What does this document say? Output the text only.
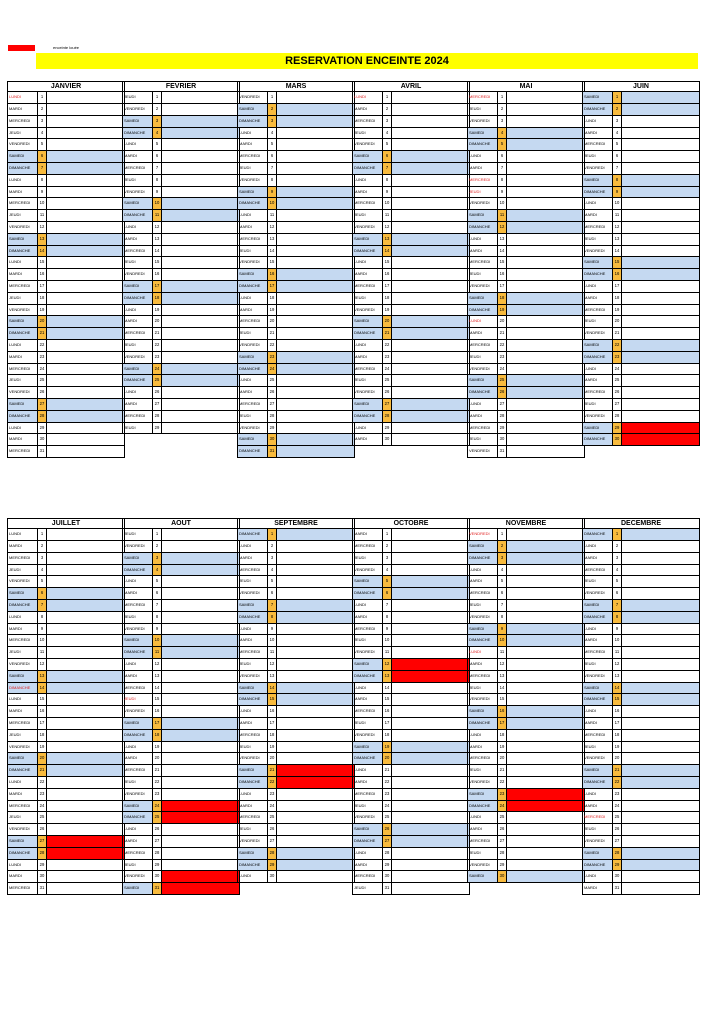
enceinte louée
RESERVATION ENCEINTE 2024
JANVIER
LUNDI	1
MARDI	2
MERCREDI	3
JEUDI	4
VENDREDI	5
SAMEDI	6
DIMANCHE	7
LUNDI	8
MARDI	9
MERCREDI	10
JEUDI	11
VENDREDI	12
SAMEDI	13
DIMANCHE	14
LUNDI	15
MARDI	16
MERCREDI	17
JEUDI	18
VENDREDI	19
SAMEDI	20
DIMANCHE	21
LUNDI	22
MARDI	23
MERCREDI	24
JEUDI	25
VENDREDI	26
SAMEDI	27
DIMANCHE	28
LUNDI	29
MARDI	30
MERCREDI	31
FEVRIER
JEUDI	1
VENDREDI	2
SAMEDI	3
DIMANCHE	4
LUNDI	5
MARDI	6
MERCREDI	7
JEUDI	8
VENDREDI	9
SAMEDI	10
DIMANCHE	11
LUNDI	12
MARDI	13
MERCREDI	14
JEUDI	15
VENDREDI	16
SAMEDI	17
DIMANCHE	18
LUNDI	19
MARDI	20
MERCREDI	21
JEUDI	22
VENDREDI	23
SAMEDI	24
DIMANCHE	25
LUNDI	26
MARDI	27
MERCREDI	28
JEUDI	29
MARS
VENDREDI	1
SAMEDI	2
DIMANCHE	3
LUNDI	4
MARDI	5
MERCREDI	6
JEUDI	7
VENDREDI	8
SAMEDI	9
DIMANCHE	10
LUNDI	11
MARDI	12
MERCREDI	13
JEUDI	14
VENDREDI	15
SAMEDI	16
DIMANCHE	17
LUNDI	18
MARDI	19
MERCREDI	20
JEUDI	21
VENDREDI	22
SAMEDI	23
DIMANCHE	24
LUNDI	25
MARDI	26
MERCREDI	27
JEUDI	28
VENDREDI	29
SAMEDI	30
DIMANCHE	31
AVRIL
LUNDI	1
MARDI	2
MERCREDI	3
JEUDI	4
VENDREDI	5
SAMEDI	6
DIMANCHE	7
LUNDI	8
MARDI	9
MERCREDI	10
JEUDI	11
VENDREDI	12
SAMEDI	13
DIMANCHE	14
LUNDI	15
MARDI	16
MERCREDI	17
JEUDI	18
VENDREDI	19
SAMEDI	20
DIMANCHE	21
LUNDI	22
MARDI	23
MERCREDI	24
JEUDI	25
VENDREDI	26
SAMEDI	27
DIMANCHE	28
LUNDI	29
MARDI	30
MAI
MERCREDI	1
JEUDI	2
VENDREDI	3
SAMEDI	4
DIMANCHE	5
LUNDI	6
MARDI	7
MERCREDI	8
JEUDI	9
VENDREDI	10
SAMEDI	11
DIMANCHE	12
LUNDI	13
MARDI	14
MERCREDI	15
JEUDI	16
VENDREDI	17
SAMEDI	18
DIMANCHE	19
LUNDI	20
MARDI	21
MERCREDI	22
JEUDI	23
VENDREDI	24
SAMEDI	25
DIMANCHE	26
LUNDI	27
MARDI	28
MERCREDI	29
JEUDI	30
VENDREDI	31
JUIN
SAMEDI	1
DIMANCHE	2
LUNDI	3
MARDI	4
MERCREDI	5
JEUDI	6
VENDREDI	7
SAMEDI	8
DIMANCHE	9
LUNDI	10
MARDI	11
MERCREDI	12
JEUDI	13
VENDREDI	14
SAMEDI	15
DIMANCHE	16
LUNDI	17
MARDI	18
MERCREDI	19
JEUDI	20
VENDREDI	21
SAMEDI	22
DIMANCHE	23
LUNDI	24
MARDI	25
MERCREDI	26
JEUDI	27
VENDREDI	28
SAMEDI	29
DIMANCHE	30
JUILLET
LUNDI	1
MARDI	2
MERCREDI	3
JEUDI	4
VENDREDI	5
SAMEDI	6
DIMANCHE	7
LUNDI	8
MARDI	9
MERCREDI	10
JEUDI	11
VENDREDI	12
SAMEDI	13
DIMANCHE	14
LUNDI	15
MARDI	16
MERCREDI	17
JEUDI	18
VENDREDI	19
SAMEDI	20
DIMANCHE	21
LUNDI	22
MARDI	23
MERCREDI	24
JEUDI	25
VENDREDI	26
SAMEDI	27
DIMANCHE	28
LUNDI	29
MARDI	30
MERCREDI	31
AOUT
JEUDI	1
VENDREDI	2
SAMEDI	3
DIMANCHE	4
LUNDI	5
MARDI	6
MERCREDI	7
JEUDI	8
VENDREDI	9
SAMEDI	10
DIMANCHE	11
LUNDI	12
MARDI	13
MERCREDI	14
JEUDI	15
VENDREDI	16
SAMEDI	17
DIMANCHE	18
LUNDI	19
MARDI	20
MERCREDI	21
JEUDI	22
VENDREDI	23
SAMEDI	24
DIMANCHE	25
LUNDI	26
MARDI	27
MERCREDI	28
JEUDI	29
VENDREDI	30
SAMEDI	31
SEPTEMBRE
DIMANCHE	1
LUNDI	2
MARDI	3
MERCREDI	4
JEUDI	5
VENDREDI	6
SAMEDI	7
DIMANCHE	8
LUNDI	9
MARDI	10
MERCREDI	11
JEUDI	12
VENDREDI	13
SAMEDI	14
DIMANCHE	15
LUNDI	16
MARDI	17
MERCREDI	18
JEUDI	19
VENDREDI	20
SAMEDI	21
DIMANCHE	22
LUNDI	23
MARDI	24
MERCREDI	25
JEUDI	26
VENDREDI	27
SAMEDI	28
DIMANCHE	29
LUNDI	30
OCTOBRE
MARDI	1
MERCREDI	2
JEUDI	3
VENDREDI	4
SAMEDI	5
DIMANCHE	6
LUNDI	7
MARDI	8
MERCREDI	9
JEUDI	10
VENDREDI	11
SAMEDI	12
DIMANCHE	13
LUNDI	14
MARDI	15
MERCREDI	16
JEUDI	17
VENDREDI	18
SAMEDI	19
DIMANCHE	20
LUNDI	21
MARDI	22
MERCREDI	23
JEUDI	24
VENDREDI	25
SAMEDI	26
DIMANCHE	27
LUNDI	28
MARDI	29
MERCREDI	30
JEUDI	31
NOVEMBRE
VENDREDI	1
SAMEDI	2
DIMANCHE	3
LUNDI	4
MARDI	5
MERCREDI	6
JEUDI	7
VENDREDI	8
SAMEDI	9
DIMANCHE	10
LUNDI	11
MARDI	12
MERCREDI	13
JEUDI	14
VENDREDI	15
SAMEDI	16
DIMANCHE	17
LUNDI	18
MARDI	19
MERCREDI	20
JEUDI	21
VENDREDI	22
SAMEDI	23
DIMANCHE	24
LUNDI	25
MARDI	26
MERCREDI	27
JEUDI	28
VENDREDI	29
SAMEDI	30
DECEMBRE
DIMANCHE	1
LUNDI	2
MARDI	3
MERCREDI	4
JEUDI	5
VENDREDI	6
SAMEDI	7
DIMANCHE	8
LUNDI	9
MARDI	10
MERCREDI	11
JEUDI	12
VENDREDI	13
SAMEDI	14
DIMANCHE	15
LUNDI	16
MARDI	17
MERCREDI	18
JEUDI	19
VENDREDI	20
SAMEDI	21
DIMANCHE	22
LUNDI	23
MARDI	24
MERCREDI	25
JEUDI	26
VENDREDI	27
SAMEDI	28
DIMANCHE	29
LUNDI	30
MARDI	31
